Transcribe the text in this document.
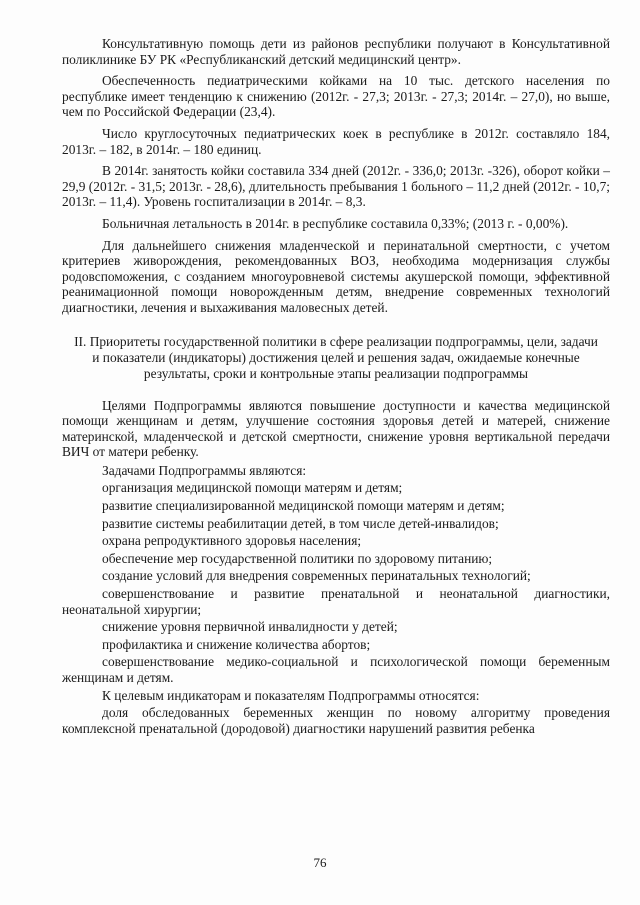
Консультативную помощь дети из районов республики получают в Консультативной поликлинике БУ РК «Республиканский детский медицинский центр».

Обеспеченность педиатрическими койками на 10 тыс. детского населения по республике имеет тенденцию к снижению (2012г. - 27,3; 2013г. - 27,3; 2014г. – 27,0), но выше, чем по Российской Федерации (23,4).

Число круглосуточных педиатрических коек в республике в 2012г. составляло 184, 2013г. – 182, в 2014г. – 180 единиц.

В 2014г. занятость койки составила 334 дней (2012г. - 336,0; 2013г. -326), оборот койки – 29,9 (2012г. - 31,5; 2013г. - 28,6), длительность пребывания 1 больного – 11,2 дней (2012г. - 10,7; 2013г. – 11,4). Уровень госпитализации в 2014г. – 8,3.

Больничная летальность в 2014г. в республике составила 0,33%; (2013 г. - 0,00%).

Для дальнейшего снижения младенческой и перинатальной смертности, с учетом критериев живорождения, рекомендованных ВОЗ, необходима модернизация службы родовспоможения, с созданием многоуровневой системы акушерской помощи, эффективной реанимационной помощи новорожденным детям, внедрение современных технологий диагностики, лечения и выхаживания маловесных детей.

II. Приоритеты государственной политики в сфере реализации подпрограммы, цели, задачи и показатели (индикаторы) достижения целей и решения задач, ожидаемые конечные результаты, сроки и контрольные этапы реализации подпрограммы

Целями Подпрограммы являются повышение доступности и качества медицинской помощи женщинам и детям, улучшение состояния здоровья детей и матерей, снижение материнской, младенческой и детской смертности, снижение уровня вертикальной передачи ВИЧ от матери ребенку.

Задачами Подпрограммы являются:

организация медицинской помощи матерям и детям;

развитие специализированной медицинской помощи матерям и детям;

развитие системы реабилитации детей, в том числе детей-инвалидов;

охрана репродуктивного здоровья населения;

обеспечение мер государственной политики по здоровому питанию;

создание условий для внедрения современных перинатальных технологий;

совершенствование и развитие пренатальной и неонатальной диагностики, неонатальной хирургии;

снижение уровня первичной инвалидности у детей;

профилактика и снижение количества абортов;

совершенствование медико-социальной и психологической помощи беременным женщинам и детям.

К целевым индикаторам и показателям Подпрограммы относятся:

доля обследованных беременных женщин по новому алгоритму проведения комплексной пренатальной (дородовой) диагностики нарушений развития ребенка

76
